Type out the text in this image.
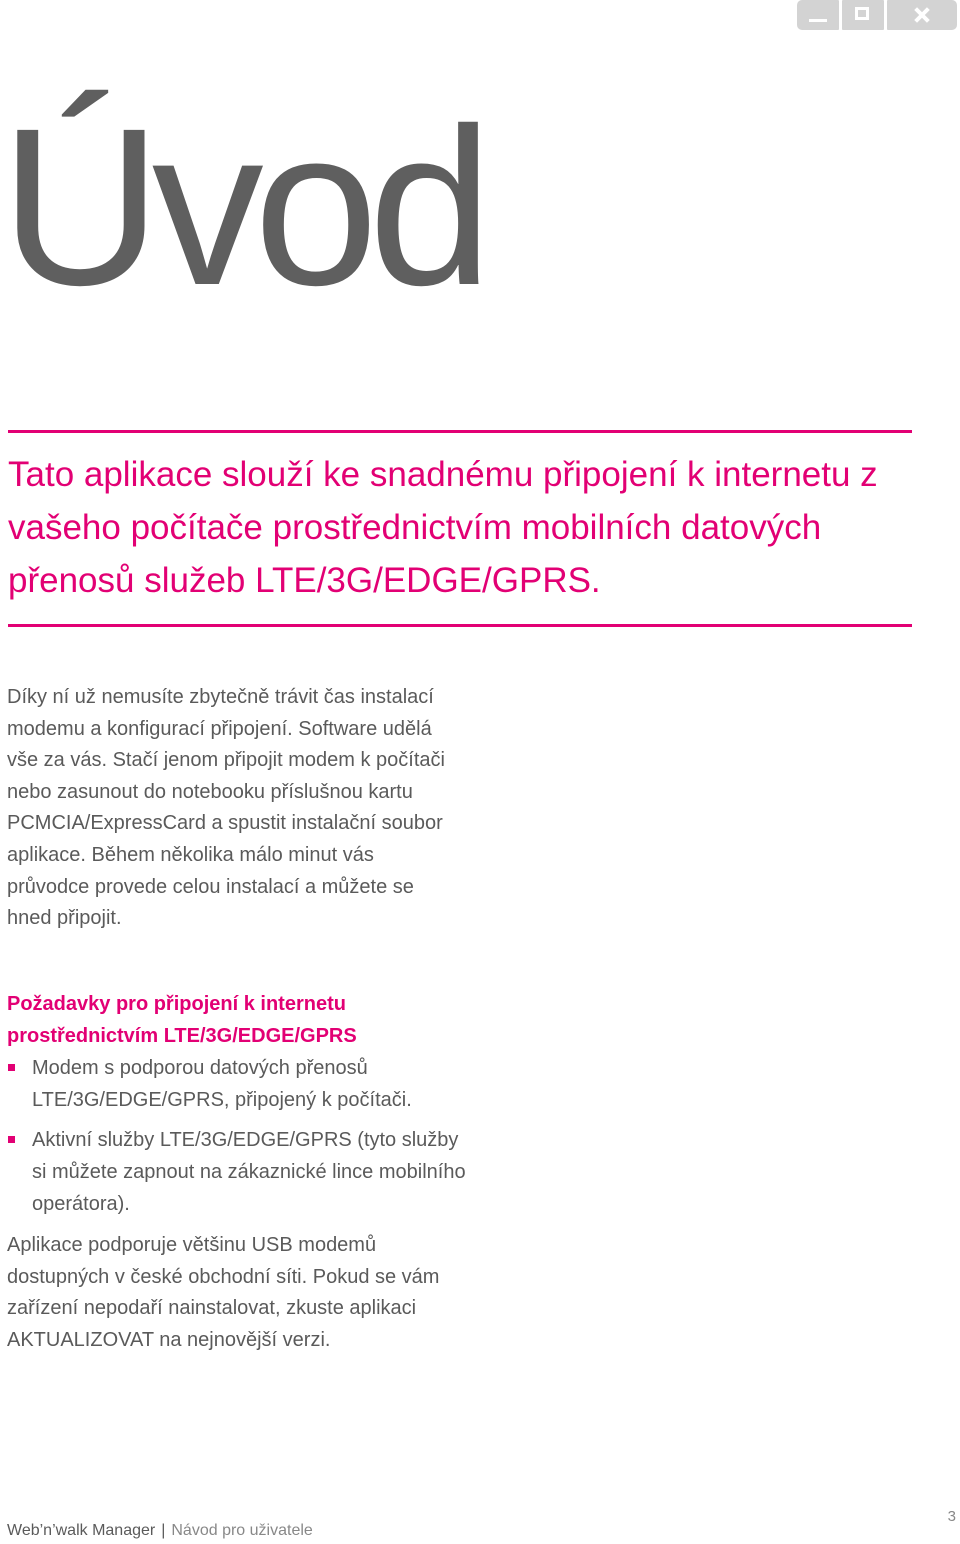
Úvod

Tato aplikace slouží ke snadnému připojení k internetu z vašeho počítače prostřednictvím mobilních datových přenosů služeb LTE/3G/EDGE/GPRS.

Díky ní už nemusíte zbytečně trávit čas instalací modemu a konfigurací připojení. Software udělá vše za vás. Stačí jenom připojit modem k počítači nebo zasunout do notebooku příslušnou kartu PCMCIA/ExpressCard a spustit instalační soubor aplikace. Během několika málo minut vás průvodce provede celou instalací a můžete se hned připojit.

Požadavky pro připojení k internetu prostřednictvím LTE/3G/EDGE/GPRS

Modem s podporou datových přenosů LTE/3G/EDGE/GPRS, připojený k počítači.
Aktivní služby LTE/3G/EDGE/GPRS (tyto služby si můžete zapnout na zákaznické lince mobilního operátora).

Aplikace podporuje většinu USB modemů dostupných v české obchodní síti. Pokud se vám zařízení nepodaří nainstalovat, zkuste aplikaci AKTUALIZOVAT na nejnovější verzi.

Web’n’walk Manager | Návod pro uživatele
3
